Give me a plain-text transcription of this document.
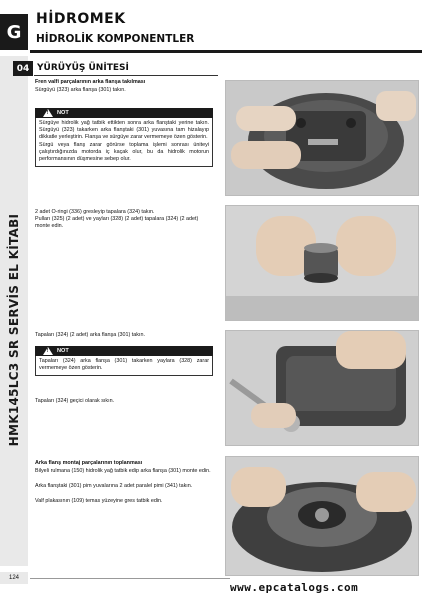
G
HİDROMEK
HİDROLİK KOMPONENTLER
HMK145LC3 SR SERVİS EL KİTABI
04 YÜRÜYÜŞ ÜNİTESİ
Fren valfi parçalarının arka flanşa takılması
Sürgüyü (323) arka flanşa (301) takın.
!
NOT
Sürgüye hidrolik yağ tatbik ettikten sonra arka flanştaki yerine takın. Sürgüyü (323) takarken arka flanştaki (301) yuvasına tam hizalayıp dikkatle yerleştirin. Flanşa ve sürgüye zarar vermemeye özen gösterin.
Sürgü veya flanş zarar görürse toplama işlemi sonrası üniteyi çalıştırdığınızda motorda iç kaçak olur, bu da hidrolik motorun performansının düşmesine sebep olur.
2 adet O-ringi (336) gresleyip tapalara (324) takın.
Pulları (325) (2 adet) ve yayları (328) (2 adet) tapalara (324) (2 adet) monte edin.
Tapaları (324) (2 adet) arka flanşa (301) takın.
!
NOT
Tapaları (324) arka flanşa (301) takarken yaylara (328) zarar vermemeye özen gösterin.
Tapaları (324) geçici olarak sıkın.
Arka flanş montaj parçalarının toplanması
Bilyeli rulmana (150) hidrolik yağ tatbik edip arka flanşa (301) monte edin.
Arka flanştaki (301) pim yuvalarına 2 adet paralel pimi (341) takın.
Valf plakasının (109) temas yüzeyine gres tatbik edin.
124
www.epcatalogs.com
